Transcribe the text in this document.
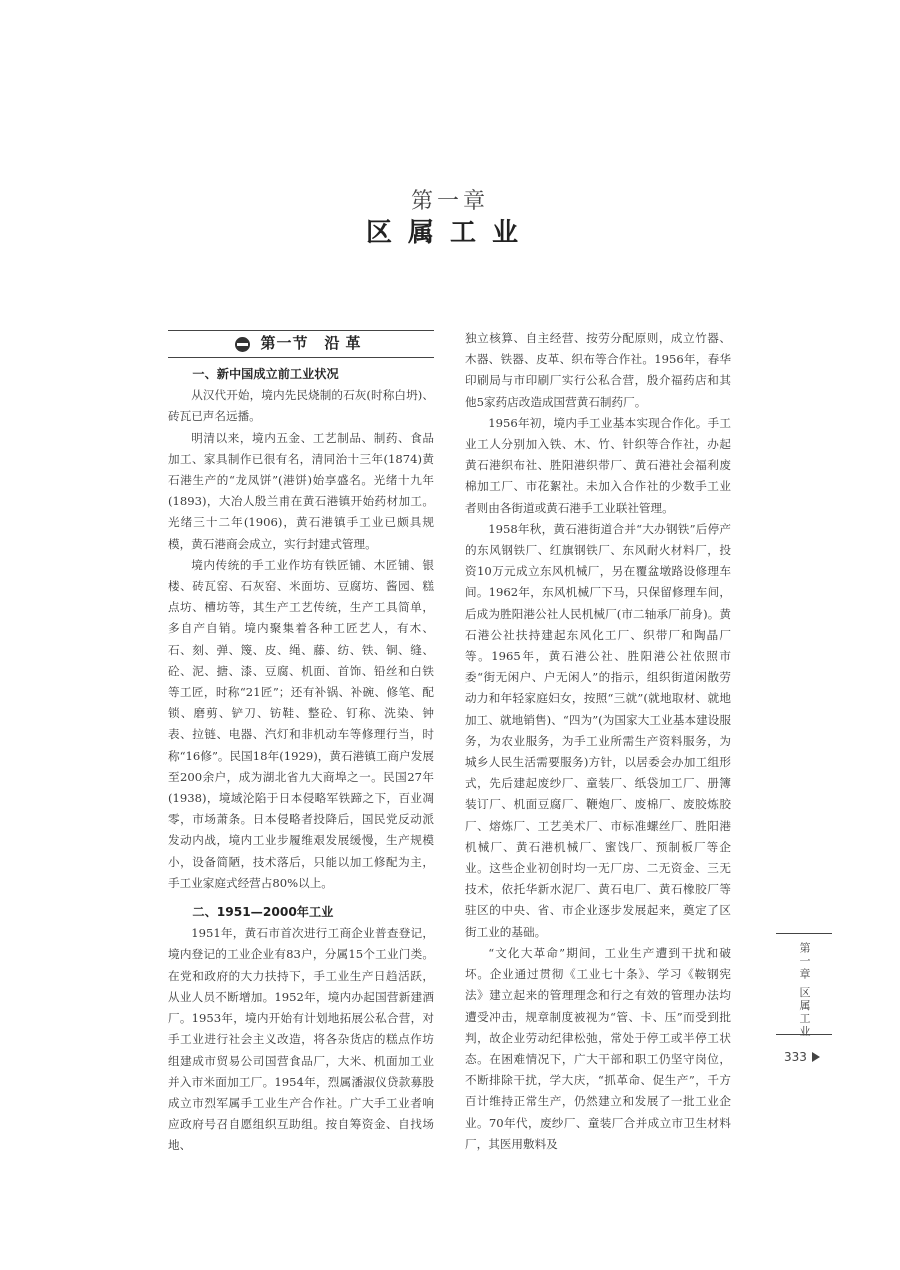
第一章
区属工业
第一节 沿革

一、新中国成立前工业状况

从汉代开始，境内先民烧制的石灰(时称白坍)、砖瓦已声名远播。

明清以来，境内五金、工艺制品、制药、食品加工、家具制作已很有名，清同治十三年(1874)黄石港生产的“龙凤饼”(港饼)始享盛名。光绪十九年(1893)，大冶人殷兰甫在黄石港镇开始药材加工。光绪三十二年(1906)，黄石港镇手工业已颇具规模，黄石港商会成立，实行封建式管理。

境内传统的手工业作坊有铁匠铺、木匠铺、银楼、砖瓦窑、石灰窑、米面坊、豆腐坊、酱园、糕点坊、槽坊等，其生产工艺传统，生产工具简单，多自产自销。境内聚集着各种工匠艺人，有木、石、刻、弹、篾、皮、绳、藤、纺、铁、铜、缝、砼、泥、搪、漆、豆腐、机面、首饰、铅丝和白铁等工匠，时称“21匠”；还有补锅、补碗、修笔、配锁、磨剪、铲刀、钫鞋、整砼、钉称、洗染、钟表、拉链、电器、汽灯和非机动车等修理行当，时称“16修”。民国18年(1929)，黄石港镇工商户发展至200余户，成为湖北省九大商埠之一。民国27年(1938)，境域沦陷于日本侵略军铁蹄之下，百业凋零，市场萧条。日本侵略者投降后，国民党反动派发动内战，境内工业步履维艰发展缓慢，生产规模小，设备简陋，技术落后，只能以加工修配为主，手工业家庭式经营占80%以上。

二、1951—2000年工业

1951年，黄石市首次进行工商企业普查登记，境内登记的工业企业有83户，分属15个工业门类。在党和政府的大力扶持下，手工业生产日趋活跃，从业人员不断增加。1952年，境内办起国营新建酒厂。1953年，境内开始有计划地拓展公私合营，对手工业进行社会主义改造，将各杂货店的糕点作坊组建成市贸易公司国营食品厂，大米、机面加工业并入市米面加工厂。1954年，烈属潘淑仪贷款募股成立市烈军属手工业生产合作社。广大手工业者响应政府号召自愿组织互助组。按自筹资金、自找场地、

独立核算、自主经营、按劳分配原则，成立竹器、木器、铁器、皮革、织布等合作社。1956年，春华印刷局与市印刷厂实行公私合营，殷介福药店和其他5家药店改造成国营黄石制药厂。

1956年初，境内手工业基本实现合作化。手工业工人分别加入铁、木、竹、针织等合作社，办起黄石港织布社、胜阳港织带厂、黄石港社会福利废棉加工厂、市花絮社。未加入合作社的少数手工业者则由各街道或黄石港手工业联社管理。

1958年秋，黄石港街道合并“大办钢铁”后停产的东风钢铁厂、红旗钢铁厂、东风耐火材料厂，投资10万元成立东风机械厂，另在覆盆墩路设修理车间。1962年，东风机械厂下马，只保留修理车间，后成为胜阳港公社人民机械厂(市二轴承厂前身)。黄石港公社扶持建起东风化工厂、织带厂和陶晶厂等。1965年，黄石港公社、胜阳港公社依照市委“街无闲户、户无闲人”的指示，组织街道闲散劳动力和年轻家庭妇女，按照“三就”(就地取材、就地加工、就地销售)、“四为”(为国家大工业基本建设服务，为农业服务，为手工业所需生产资料服务，为城乡人民生活需要服务)方针，以居委会办加工组形式，先后建起废纱厂、童装厂、纸袋加工厂、册簿装订厂、机面豆腐厂、鞭炮厂、废棉厂、废胶炼胶厂、熔炼厂、工艺美术厂、市标准螺丝厂、胜阳港机械厂、黄石港机械厂、蜜饯厂、预制板厂等企业。这些企业初创时均一无厂房、二无资金、三无技术，依托华新水泥厂、黄石电厂、黄石橡胶厂等驻区的中央、省、市企业逐步发展起来，奠定了区街工业的基础。

“文化大革命”期间，工业生产遭到干扰和破坏。企业通过贯彻《工业七十条》、学习《鞍钢宪法》建立起来的管理理念和行之有效的管理办法均遭受冲击，规章制度被视为“管、卡、压”而受到批判，故企业劳动纪律松弛，常处于停工或半停工状态。在困难情况下，广大干部和职工仍坚守岗位，不断排除干扰，学大庆，“抓革命、促生产”，千方百计维持正常生产，仍然建立和发展了一批工业企业。70年代，废纱厂、童装厂合并成立市卫生材料厂，其医用敷料及

第一章 区属工业
333
